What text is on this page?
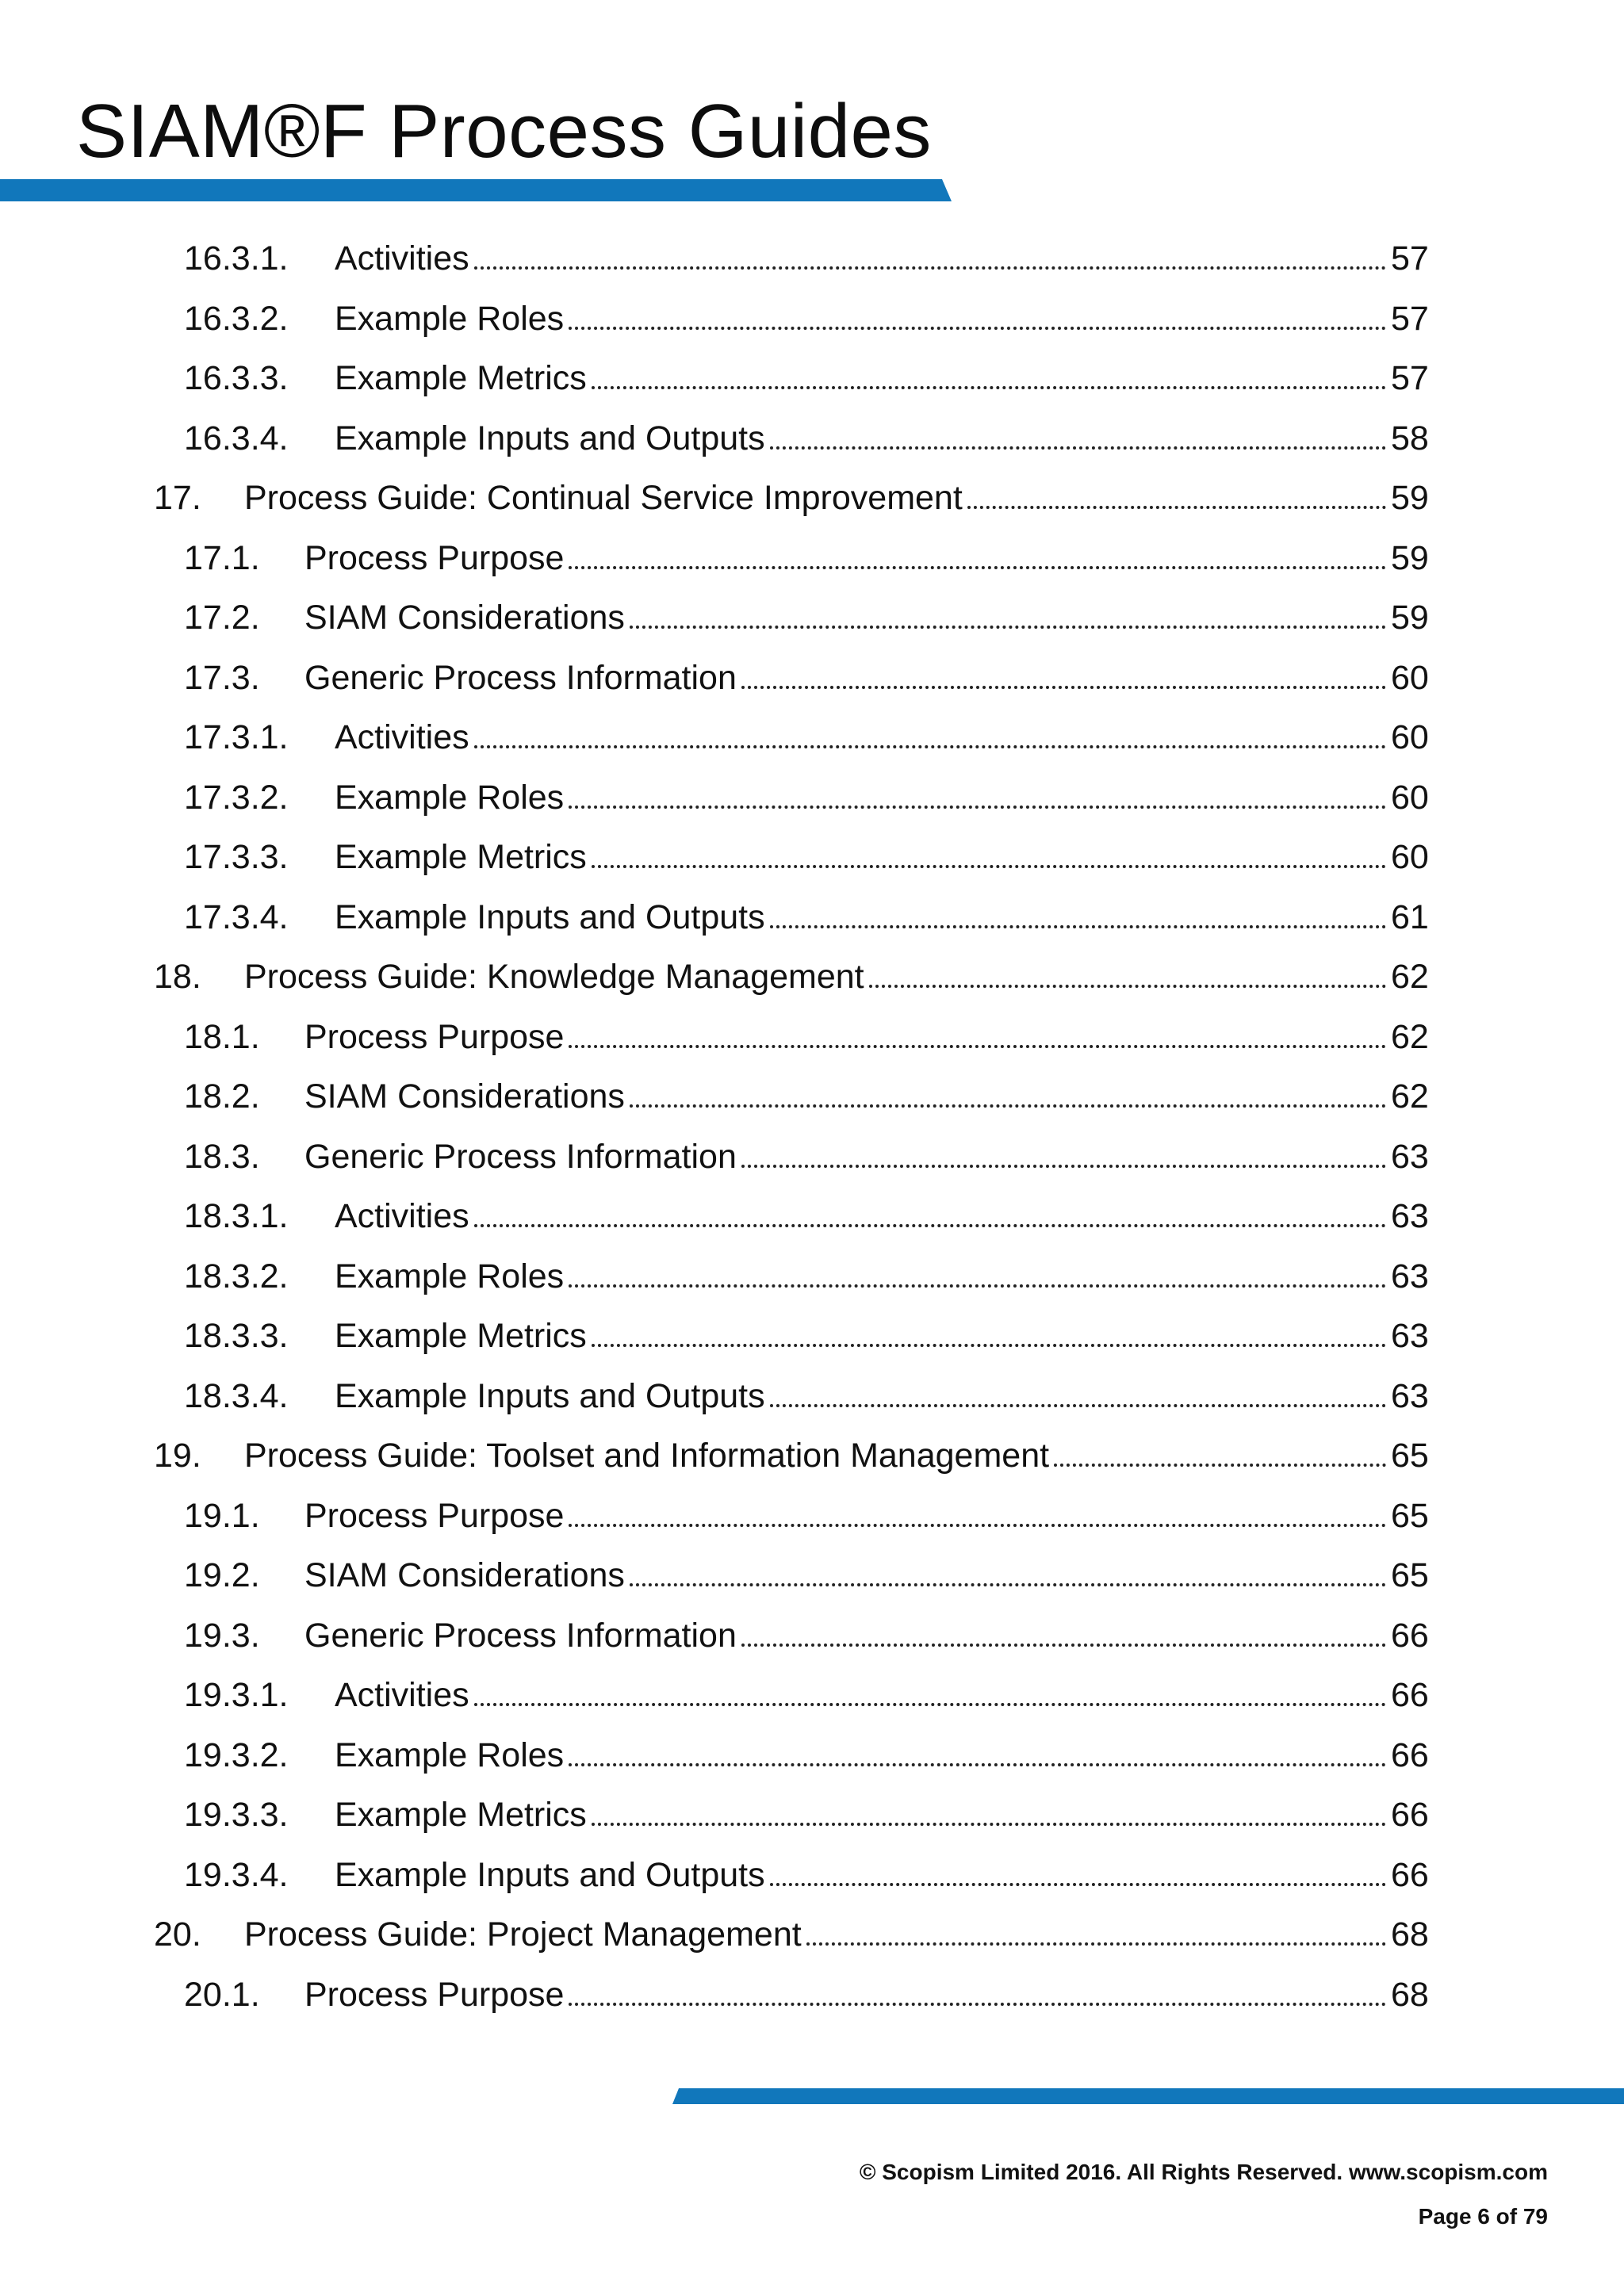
SIAM®F Process Guides
16.3.1. Activities	57
16.3.2. Example Roles	57
16.3.3. Example Metrics	57
16.3.4. Example Inputs and Outputs	58
17. Process Guide: Continual Service Improvement	59
17.1. Process Purpose	59
17.2. SIAM Considerations	59
17.3. Generic Process Information	60
17.3.1. Activities	60
17.3.2. Example Roles	60
17.3.3. Example Metrics	60
17.3.4. Example Inputs and Outputs	61
18. Process Guide: Knowledge Management	62
18.1. Process Purpose	62
18.2. SIAM Considerations	62
18.3. Generic Process Information	63
18.3.1. Activities	63
18.3.2. Example Roles	63
18.3.3. Example Metrics	63
18.3.4. Example Inputs and Outputs	63
19. Process Guide: Toolset and Information Management	65
19.1. Process Purpose	65
19.2. SIAM Considerations	65
19.3. Generic Process Information	66
19.3.1. Activities	66
19.3.2. Example Roles	66
19.3.3. Example Metrics	66
19.3.4. Example Inputs and Outputs	66
20. Process Guide: Project Management	68
20.1. Process Purpose	68
© Scopism Limited 2016. All Rights Reserved. www.scopism.com
Page 6 of 79
